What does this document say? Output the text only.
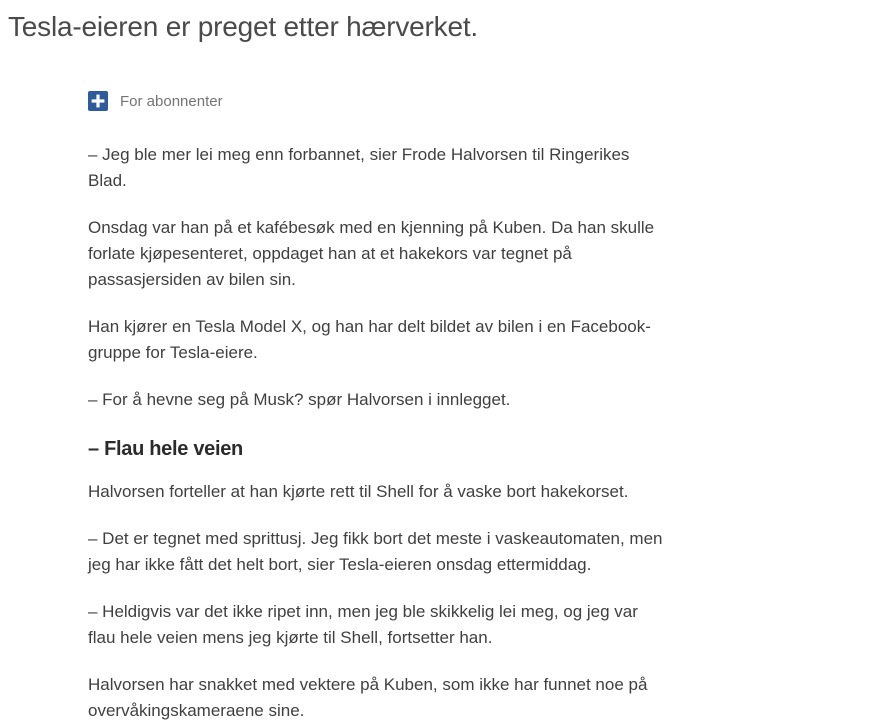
Tesla-eieren er preget etter hærverket.
For abonnenter

– Jeg ble mer lei meg enn forbannet, sier Frode Halvorsen til Ringerikes Blad.

Onsdag var han på et kafébesøk med en kjenning på Kuben. Da han skulle forlate kjøpesenteret, oppdaget han at et hakekors var tegnet på passasjersiden av bilen sin.

Han kjører en Tesla Model X, og han har delt bildet av bilen i en Facebook-gruppe for Tesla-eiere.

– For å hevne seg på Musk? spør Halvorsen i innlegget.

– Flau hele veien

Halvorsen forteller at han kjørte rett til Shell for å vaske bort hakekorset.

– Det er tegnet med sprittusj. Jeg fikk bort det meste i vaskeautomaten, men jeg har ikke fått det helt bort, sier Tesla-eieren onsdag ettermiddag.

– Heldigvis var det ikke ripet inn, men jeg ble skikkelig lei meg, og jeg var flau hele veien mens jeg kjørte til Shell, fortsetter han.

Halvorsen har snakket med vektere på Kuben, som ikke har funnet noe på overvåkingskameraene sine.
